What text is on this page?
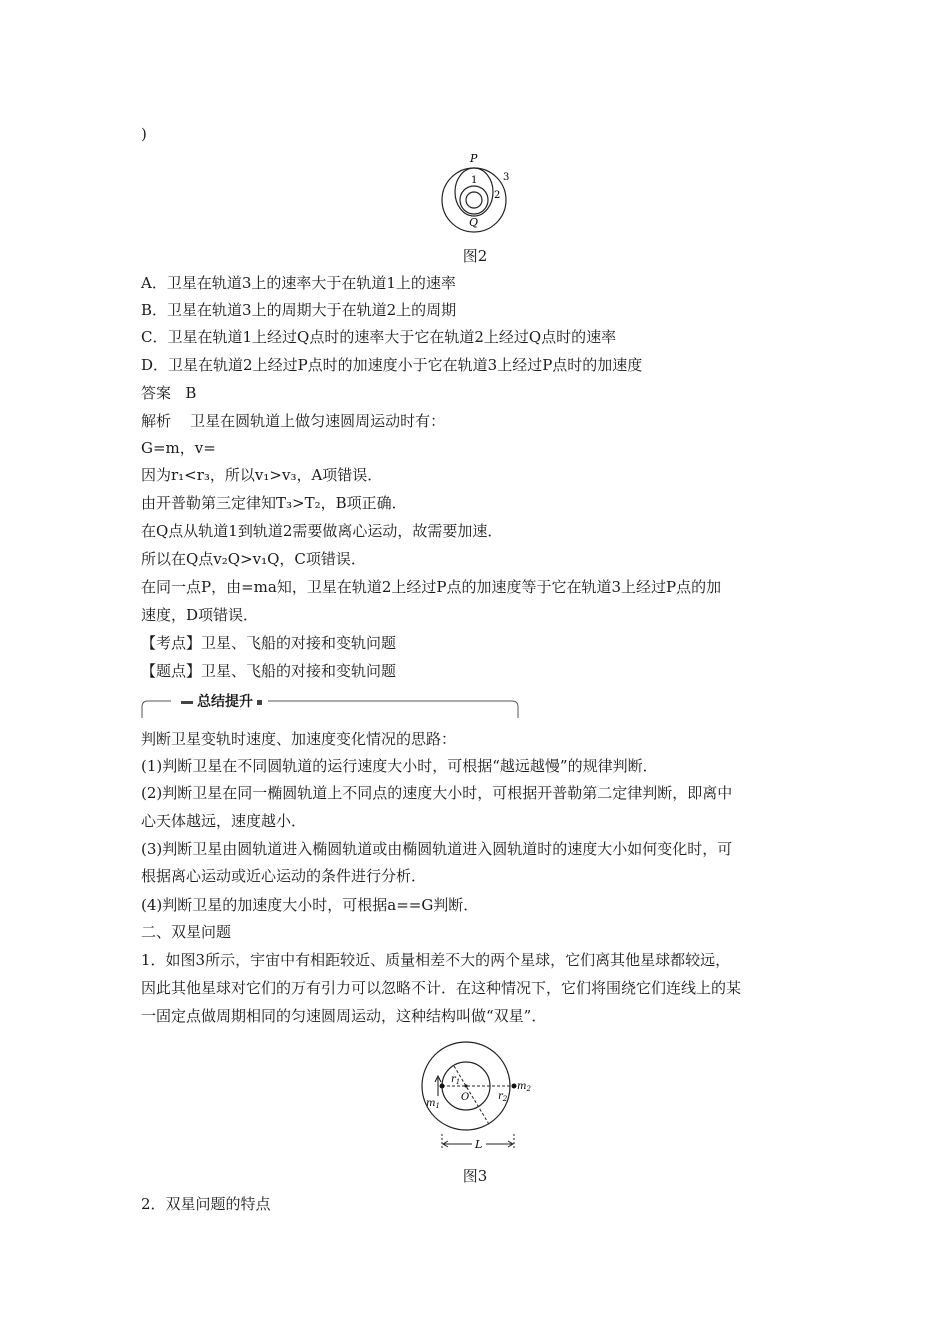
)
P
1
2
3
Q
图2
A．卫星在轨道3上的速率大于在轨道1上的速率
B．卫星在轨道3上的周期大于在轨道2上的周期
C．卫星在轨道1上经过Q点时的速率大于它在轨道2上经过Q点时的速率
D．卫星在轨道2上经过P点时的加速度小于它在轨道3上经过P点时的加速度
答案 B
解析 卫星在圆轨道上做匀速圆周运动时有：
G=m，v=
因为r₁<r₃，所以v₁>v₃，A项错误．
由开普勒第三定律知T₃>T₂，B项正确．
在Q点从轨道1到轨道2需要做离心运动，故需要加速．
所以在Q点v₂Q>v₁Q，C项错误．
在同一点P，由=ma知，卫星在轨道2上经过P点的加速度等于它在轨道3上经过P点的加
速度，D项错误．
【考点】卫星、飞船的对接和变轨问题
【题点】卫星、飞船的对接和变轨问题
总结提升
判断卫星变轨时速度、加速度变化情况的思路：
(1)判断卫星在不同圆轨道的运行速度大小时，可根据“越远越慢”的规律判断．
(2)判断卫星在同一椭圆轨道上不同点的速度大小时，可根据开普勒第二定律判断，即离中
心天体越远，速度越小．
(3)判断卫星由圆轨道进入椭圆轨道或由椭圆轨道进入圆轨道时的速度大小如何变化时，可
根据离心运动或近心运动的条件进行分析．
(4)判断卫星的加速度大小时，可根据a==G判断．
二、双星问题
1．如图3所示，宇宙中有相距较近、质量相差不大的两个星球，它们离其他星球都较远，
因此其他星球对它们的万有引力可以忽略不计．在这种情况下，它们将围绕它们连线上的某
一固定点做周期相同的匀速圆周运动，这种结构叫做“双星”．
$r_1$
O	$r_2$
$m_1$
$m_2$
L
图3
2．双星问题的特点
